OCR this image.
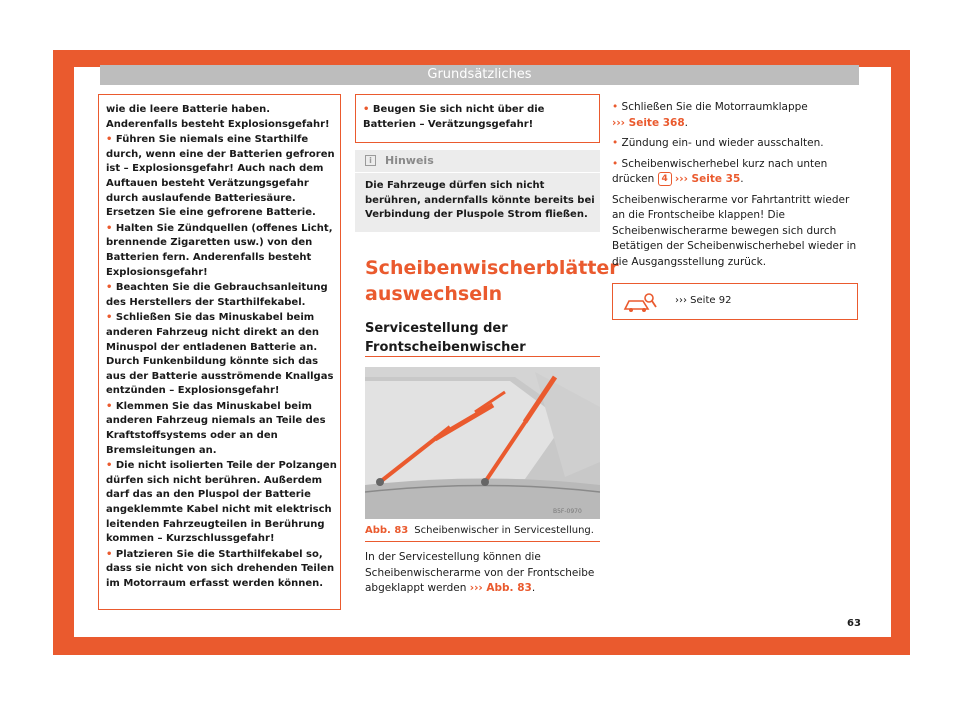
Grundsätzliches

wie die leere Batterie haben. Anderenfalls besteht Explosionsgefahr!

• Führen Sie niemals eine Starthilfe durch, wenn eine der Batterien gefroren ist – Explosionsgefahr! Auch nach dem Auftauen besteht Verätzungsgefahr durch auslaufende Batteriesäure. Ersetzen Sie eine gefrorene Batterie.

• Halten Sie Zündquellen (offenes Licht, brennende Zigaretten usw.) von den Batterien fern. Anderenfalls besteht Explosionsgefahr!

• Beachten Sie die Gebrauchsanleitung des Herstellers der Starthilfekabel.

• Schließen Sie das Minuskabel beim anderen Fahrzeug nicht direkt an den Minuspol der entladenen Batterie an. Durch Funkenbildung könnte sich das aus der Batterie ausströmende Knallgas entzünden – Explosionsgefahr!

• Klemmen Sie das Minuskabel beim anderen Fahrzeug niemals an Teile des Kraftstoffsystems oder an den Bremsleitungen an.

• Die nicht isolierten Teile der Polzangen dürfen sich nicht berühren. Außerdem darf das an den Pluspol der Batterie angeklemmte Kabel nicht mit elektrisch leitenden Fahrzeugteilen in Berührung kommen – Kurzschlussgefahr!

• Platzieren Sie die Starthilfekabel so, dass sie nicht von sich drehenden Teilen im Motorraum erfasst werden können.

• Beugen Sie sich nicht über die Batterien – Verätzungsgefahr!
i	Hinweis
Die Fahrzeuge dürfen sich nicht berühren, andernfalls könnte bereits bei Verbindung der Pluspole Strom fließen.
Scheibenwischerblätter auswechseln
Servicestellung der Frontscheibenwischer
B5F-0970
Abb. 83 Scheibenwischer in Servicestellung.
In der Servicestellung können die Scheibenwischerarme von der Frontscheibe abgeklappt werden ››› Abb. 83.

• Schließen Sie die Motorraumklappe
››› Seite 368.

• Zündung ein- und wieder ausschalten.

• Scheibenwischerhebel kurz nach unten drücken 4 ››› Seite 35.

Scheibenwischerarme vor Fahrtantritt wieder an die Frontscheibe klappen! Die Scheibenwischerarme bewegen sich durch Betätigen der Scheibenwischerhebel wieder in die Ausgangsstellung zurück.

››› Seite 92
63
